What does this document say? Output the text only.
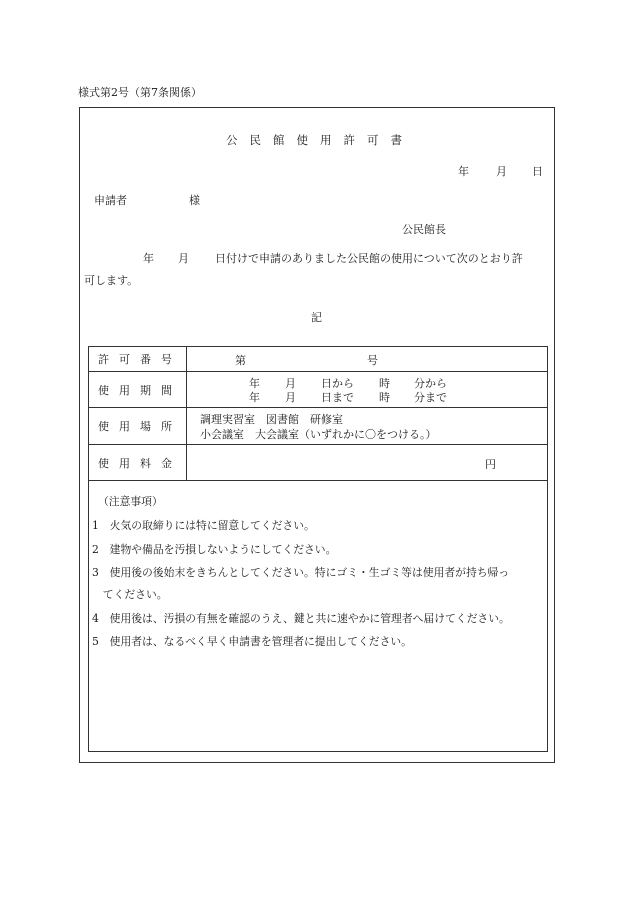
様式第2号（第7条関係）
公民館使用許可書
年 月 日
申請者	様
公民館長
年 月 日付けで申請のありました公民館の使用について次のとおり許
可します。
記
許可番号	第	号
使用期間	年 月 日から 時 分から
年 月 日まで 時 分まで
使用場所
調理実習室　図書館　研修室
小会議室　大会議室（いずれかに〇をつける。）
使用料金	円
（注意事項）
1　火気の取締りには特に留意してください。
2　建物や備品を汚損しないようにしてください。
3　使用後の後始末をきちんとしてください。特にゴミ・生ゴミ等は使用者が持ち帰っ
　てください。
4　使用後は、汚損の有無を確認のうえ、鍵と共に速やかに管理者へ届けてください。
5　使用者は、なるべく早く申請書を管理者に提出してください。
